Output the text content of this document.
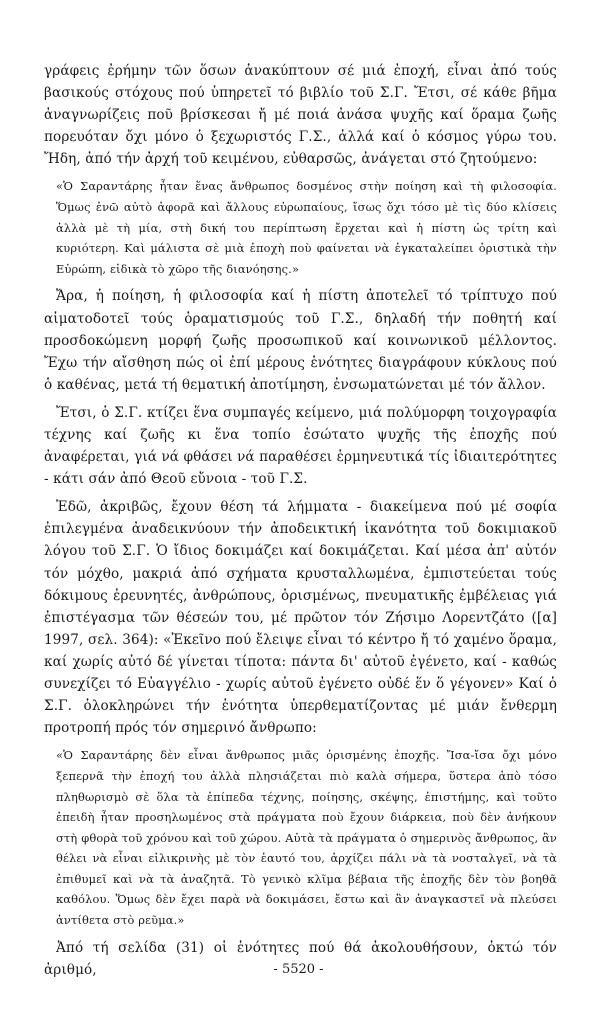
γράφεις ἐρήμην τῶν ὅσων ἀνακύπτουν σέ μιά ἐποχή, εἶναι ἀπό τούς βασικούς στόχους πού ὑπηρετεῖ τό βιβλίο τοῦ Σ.Γ. Ἔτσι, σέ κάθε βῆμα ἀναγνωρίζεις ποῦ βρίσκεσαι ἤ μέ ποιά ἀνάσα ψυχῆς καί ὅραμα ζωῆς πορευόταν ὄχι μόνο ὁ ξεχωριστός Γ.Σ., ἀλλά καί ὁ κόσμος γύρω του. Ἤδη, ἀπό τήν ἀρχή τοῦ κειμένου, εὐθαρσῶς, ἀνάγεται στό ζητούμενο:

«Ὁ Σαραντάρης ἦταν ἕνας ἄνθρωπος δοσμένος στὴν ποίηση καὶ τὴ φιλοσοφία. Ὅμως ἐνῶ αὐτὸ ἀφορᾶ καὶ ἄλλους εὐρωπαίους, ἴσως ὄχι τόσο μὲ τὶς δύο κλίσεις ἀλλὰ μὲ τὴ μία, στὴ δική του περίπτωση ἔρχεται καὶ ἡ πίστη ὡς τρίτη καὶ κυριότερη. Καὶ μάλιστα σὲ μιὰ ἐποχὴ ποὺ φαίνεται νὰ ἐγκαταλείπει ὁριστικὰ τὴν Εὐρώπη, εἰδικὰ τὸ χῶρο τῆς διανόησης.»

Ἄρα, ἡ ποίηση, ἡ φιλοσοφία καί ἡ πίστη ἀποτελεῖ τό τρίπτυχο πού αἱματοδοτεῖ τούς ὁραματισμούς τοῦ Γ.Σ., δηλαδή τήν ποθητή καί προσδοκώμενη μορφή ζωῆς προσωπικοῦ καί κοινωνικοῦ μέλλοντος. Ἔχω τήν αἴσθηση πώς οἱ ἐπί μέρους ἑνότητες διαγράφουν κύκλους πού ὁ καθένας, μετά τή θεματική ἀποτίμηση, ἐνσωματώνεται μέ τόν ἄλλον.

Ἔτσι, ὁ Σ.Γ. κτίζει ἕνα συμπαγές κείμενο, μιά πολύμορφη τοιχογραφία τέχνης καί ζωῆς κι ἕνα τοπίο ἐσώτατο ψυχῆς τῆς ἐποχῆς πού ἀναφέρεται, γιά νά φθάσει νά παραθέσει ἑρμηνευτικά τίς ἰδιαιτερότητες - κάτι σάν ἀπό Θεοῦ εὔνοια - τοῦ Γ.Σ.

Ἐδῶ, ἀκριβῶς, ἔχουν θέση τά λήμματα - διακείμενα πού μέ σοφία ἐπιλεγμένα ἀναδεικνύουν τήν ἀποδεικτική ἱκανότητα τοῦ δοκιμιακοῦ λόγου τοῦ Σ.Γ. Ὁ ἴδιος δοκιμάζει καί δοκιμάζεται. Καί μέσα ἀπ' αὐτόν τόν μόχθο, μακριά ἀπό σχήματα κρυσταλλωμένα, ἐμπιστεύεται τούς δόκιμους ἐρευνητές, ἀνθρώπους, ὁρισμένως, πνευματικῆς ἐμβέλειας γιά ἐπιστέγασμα τῶν θέσεών του, μέ πρῶτον τόν Ζήσιμο Λορεντζάτο ([α] 1997, σελ. 364): «Ἐκεῖνο πού ἔλειψε εἶναι τό κέντρο ἤ τό χαμένο ὅραμα, καί χωρίς αὐτό δέ γίνεται τίποτα: πάντα δι' αὐτοῦ ἐγένετο, καί - καθώς συνεχίζει τό Εὐαγγέλιο - χωρίς αὐτοῦ ἐγένετο οὐδέ ἕν ὅ γέγονεν» Καί ὁ Σ.Γ. ὁλοκληρώνει τήν ἑνότητα ὑπερθεματίζοντας μέ μιάν ἔνθερμη προτροπή πρός τόν σημερινό ἄνθρωπο:

«Ὁ Σαραντάρης δὲν εἶναι ἄνθρωπος μιᾶς ὁρισμένης ἐποχῆς. Ἴσα-ἴσα ὄχι μόνο ξεπερνᾶ τὴν ἐποχή του ἀλλὰ πλησιάζεται πιὸ καλὰ σήμερα, ὕστερα ἀπὸ τόσο πληθωρισμὸ σὲ ὅλα τὰ ἐπίπεδα τέχνης, ποίησης, σκέψης, ἐπιστήμης, καὶ τοῦτο ἐπειδὴ ἦταν προσηλωμένος στὰ πράγματα ποὺ ἔχουν διάρκεια, ποὺ δὲν ἀνήκουν στὴ φθορὰ τοῦ χρόνου καὶ τοῦ χώρου. Αὐτὰ τὰ πράγματα ὁ σημερινὸς ἄνθρωπος, ἂν θέλει νὰ εἶναι εἰλικρινὴς μὲ τὸν ἑαυτό του, ἀρχίζει πάλι νὰ τὰ νοσταλγεῖ, νὰ τὰ ἐπιθυμεῖ καὶ νὰ τὰ ἀναζητᾶ. Τὸ γενικὸ κλῖμα βέβαια τῆς ἐποχῆς δὲν τὸν βοηθᾶ καθόλου. Ὅμως δὲν ἔχει παρὰ νὰ δοκιμάσει, ἔστω καὶ ἂν ἀναγκαστεῖ νὰ πλεύσει ἀντίθετα στὸ ρεῦμα.»

Ἀπό τή σελίδα (31) οἱ ἑνότητες πού θά ἀκολουθήσουν, ὀκτώ τόν ἀριθμό,	- 5520 -
